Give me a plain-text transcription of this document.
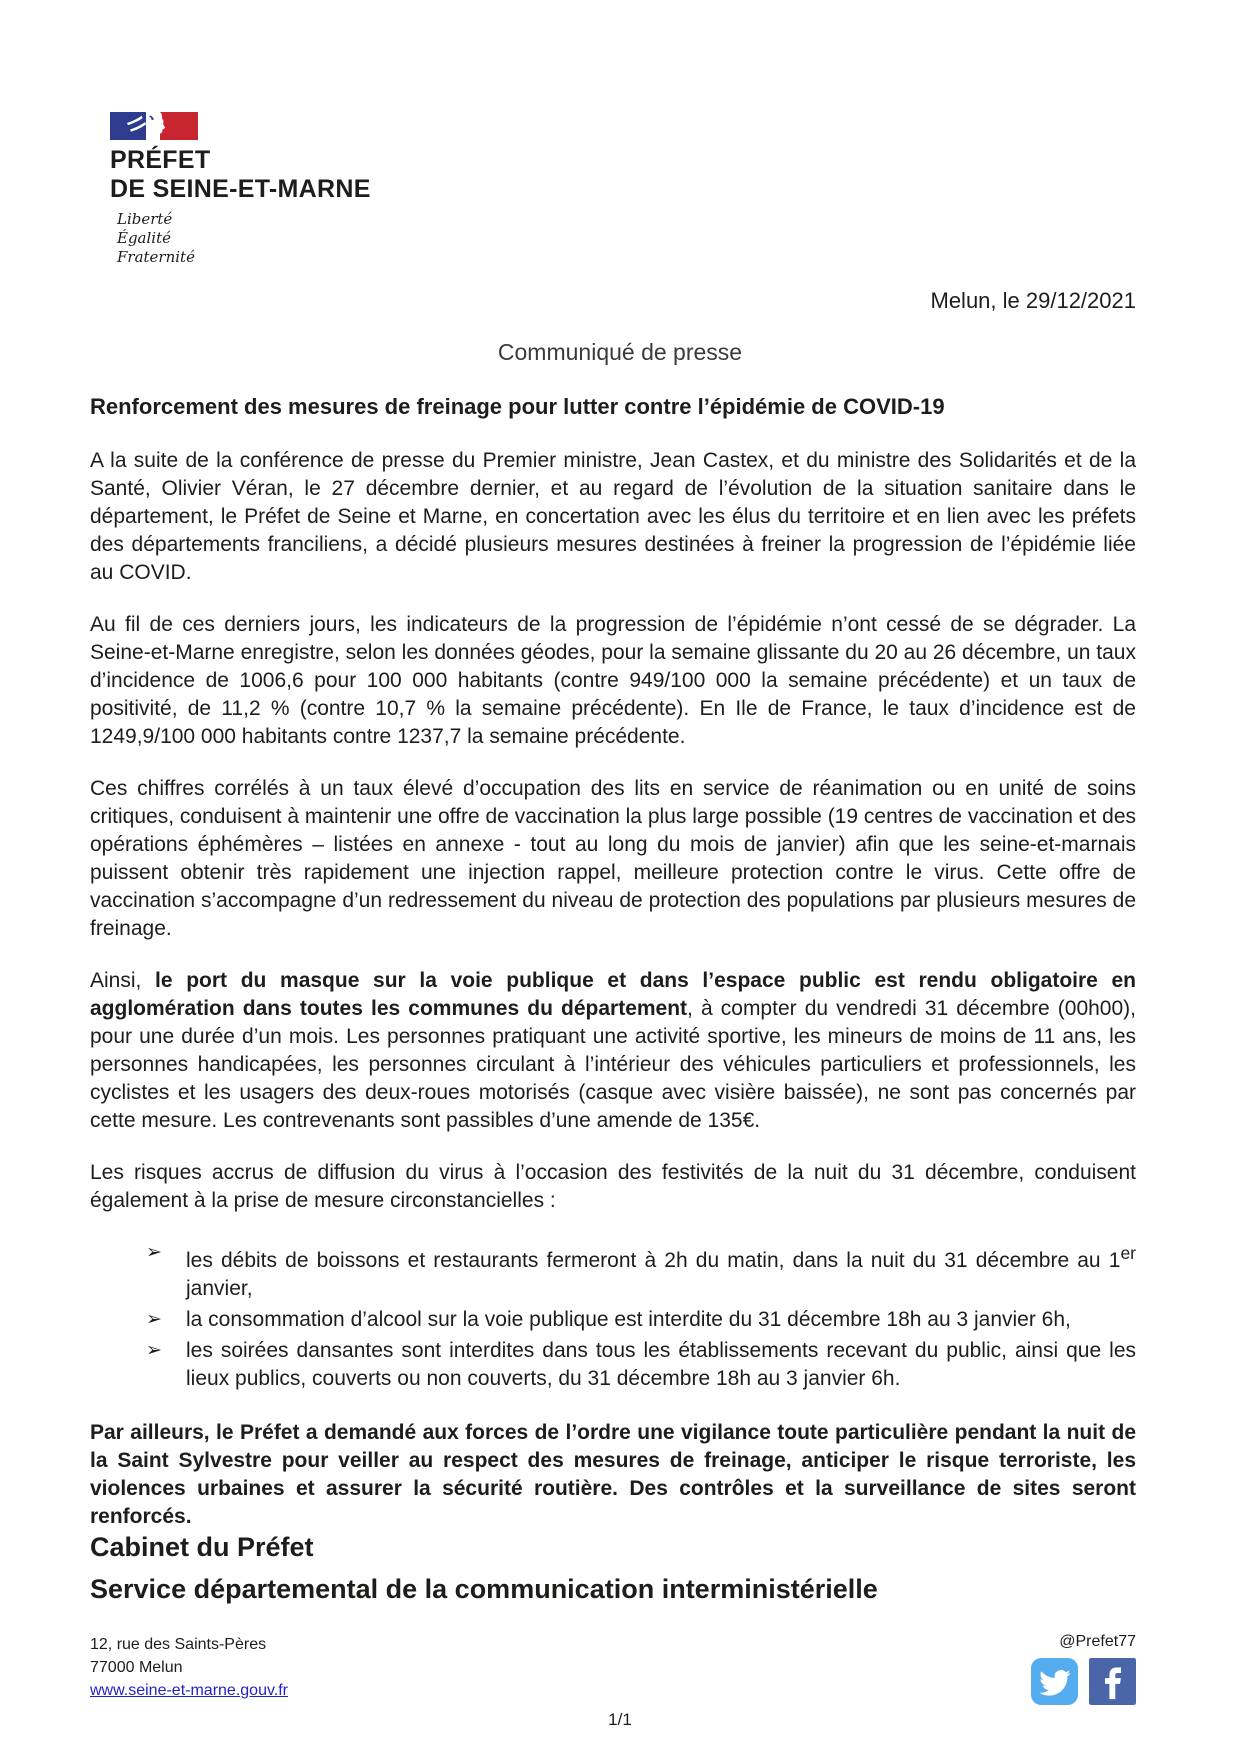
PRÉFET
DE SEINE-ET-MARNE
Liberté
Égalité
Fraternité
Melun, le 29/12/2021
Communiqué de presse
Renforcement des mesures de freinage pour lutter contre l’épidémie de COVID-19

A la suite de la conférence de presse du Premier ministre, Jean Castex, et du ministre des Solidarités et de la Santé, Olivier Véran, le 27 décembre dernier, et au regard de l’évolution de la situation sanitaire dans le département, le Préfet de Seine et Marne, en concertation avec les élus du territoire et en lien avec les préfets des départements franciliens, a décidé plusieurs mesures destinées à freiner la progression de l’épidémie liée au COVID.

Au fil de ces derniers jours, les indicateurs de la progression de l’épidémie n’ont cessé de se dégrader. La Seine-et-Marne enregistre, selon les données géodes, pour la semaine glissante du 20 au 26 décembre, un taux d’incidence de 1006,6 pour 100 000 habitants (contre 949/100 000 la semaine précédente) et un taux de positivité, de 11,2 % (contre 10,7 % la semaine précédente). En Ile de France, le taux d’incidence est de 1249,9/100 000 habitants contre 1237,7 la semaine précédente.

Ces chiffres corrélés à un taux élevé d’occupation des lits en service de réanimation ou en unité de soins critiques, conduisent à maintenir une offre de vaccination la plus large possible (19 centres de vaccination et des opérations éphémères – listées en annexe - tout au long du mois de janvier) afin que les seine-et-marnais puissent obtenir très rapidement une injection rappel, meilleure protection contre le virus. Cette offre de vaccination s’accompagne d’un redressement du niveau de protection des populations par plusieurs mesures de freinage.

Ainsi, le port du masque sur la voie publique et dans l’espace public est rendu obligatoire en agglomération dans toutes les communes du département, à compter du vendredi 31 décembre (00h00), pour une durée d’un mois. Les personnes pratiquant une activité sportive, les mineurs de moins de 11 ans, les personnes handicapées, les personnes circulant à l’intérieur des véhicules particuliers et professionnels, les cyclistes et les usagers des deux-roues motorisés (casque avec visière baissée), ne sont pas concernés par cette mesure. Les contrevenants sont passibles d’une amende de 135€.

Les risques accrus de diffusion du virus à l’occasion des festivités de la nuit du 31 décembre, conduisent également à la prise de mesure circonstancielles :

➢ les débits de boissons et restaurants fermeront à 2h du matin, dans la nuit du 31 décembre au 1er janvier,
➢ la consommation d’alcool sur la voie publique est interdite du 31 décembre 18h au 3 janvier 6h,
➢ les soirées dansantes sont interdites dans tous les établissements recevant du public, ainsi que les lieux publics, couverts ou non couverts, du 31 décembre 18h au 3 janvier 6h.

Par ailleurs, le Préfet a demandé aux forces de l’ordre une vigilance toute particulière pendant la nuit de la Saint Sylvestre pour veiller au respect des mesures de freinage, anticiper le risque terroriste, les violences urbaines et assurer la sécurité routière. Des contrôles et la surveillance de sites seront renforcés.

Cabinet du Préfet
Service départemental de la communication interministérielle
12, rue des Saints-Pères
77000 Melun
www.seine-et-marne.gouv.fr
@Prefet77
1/1
